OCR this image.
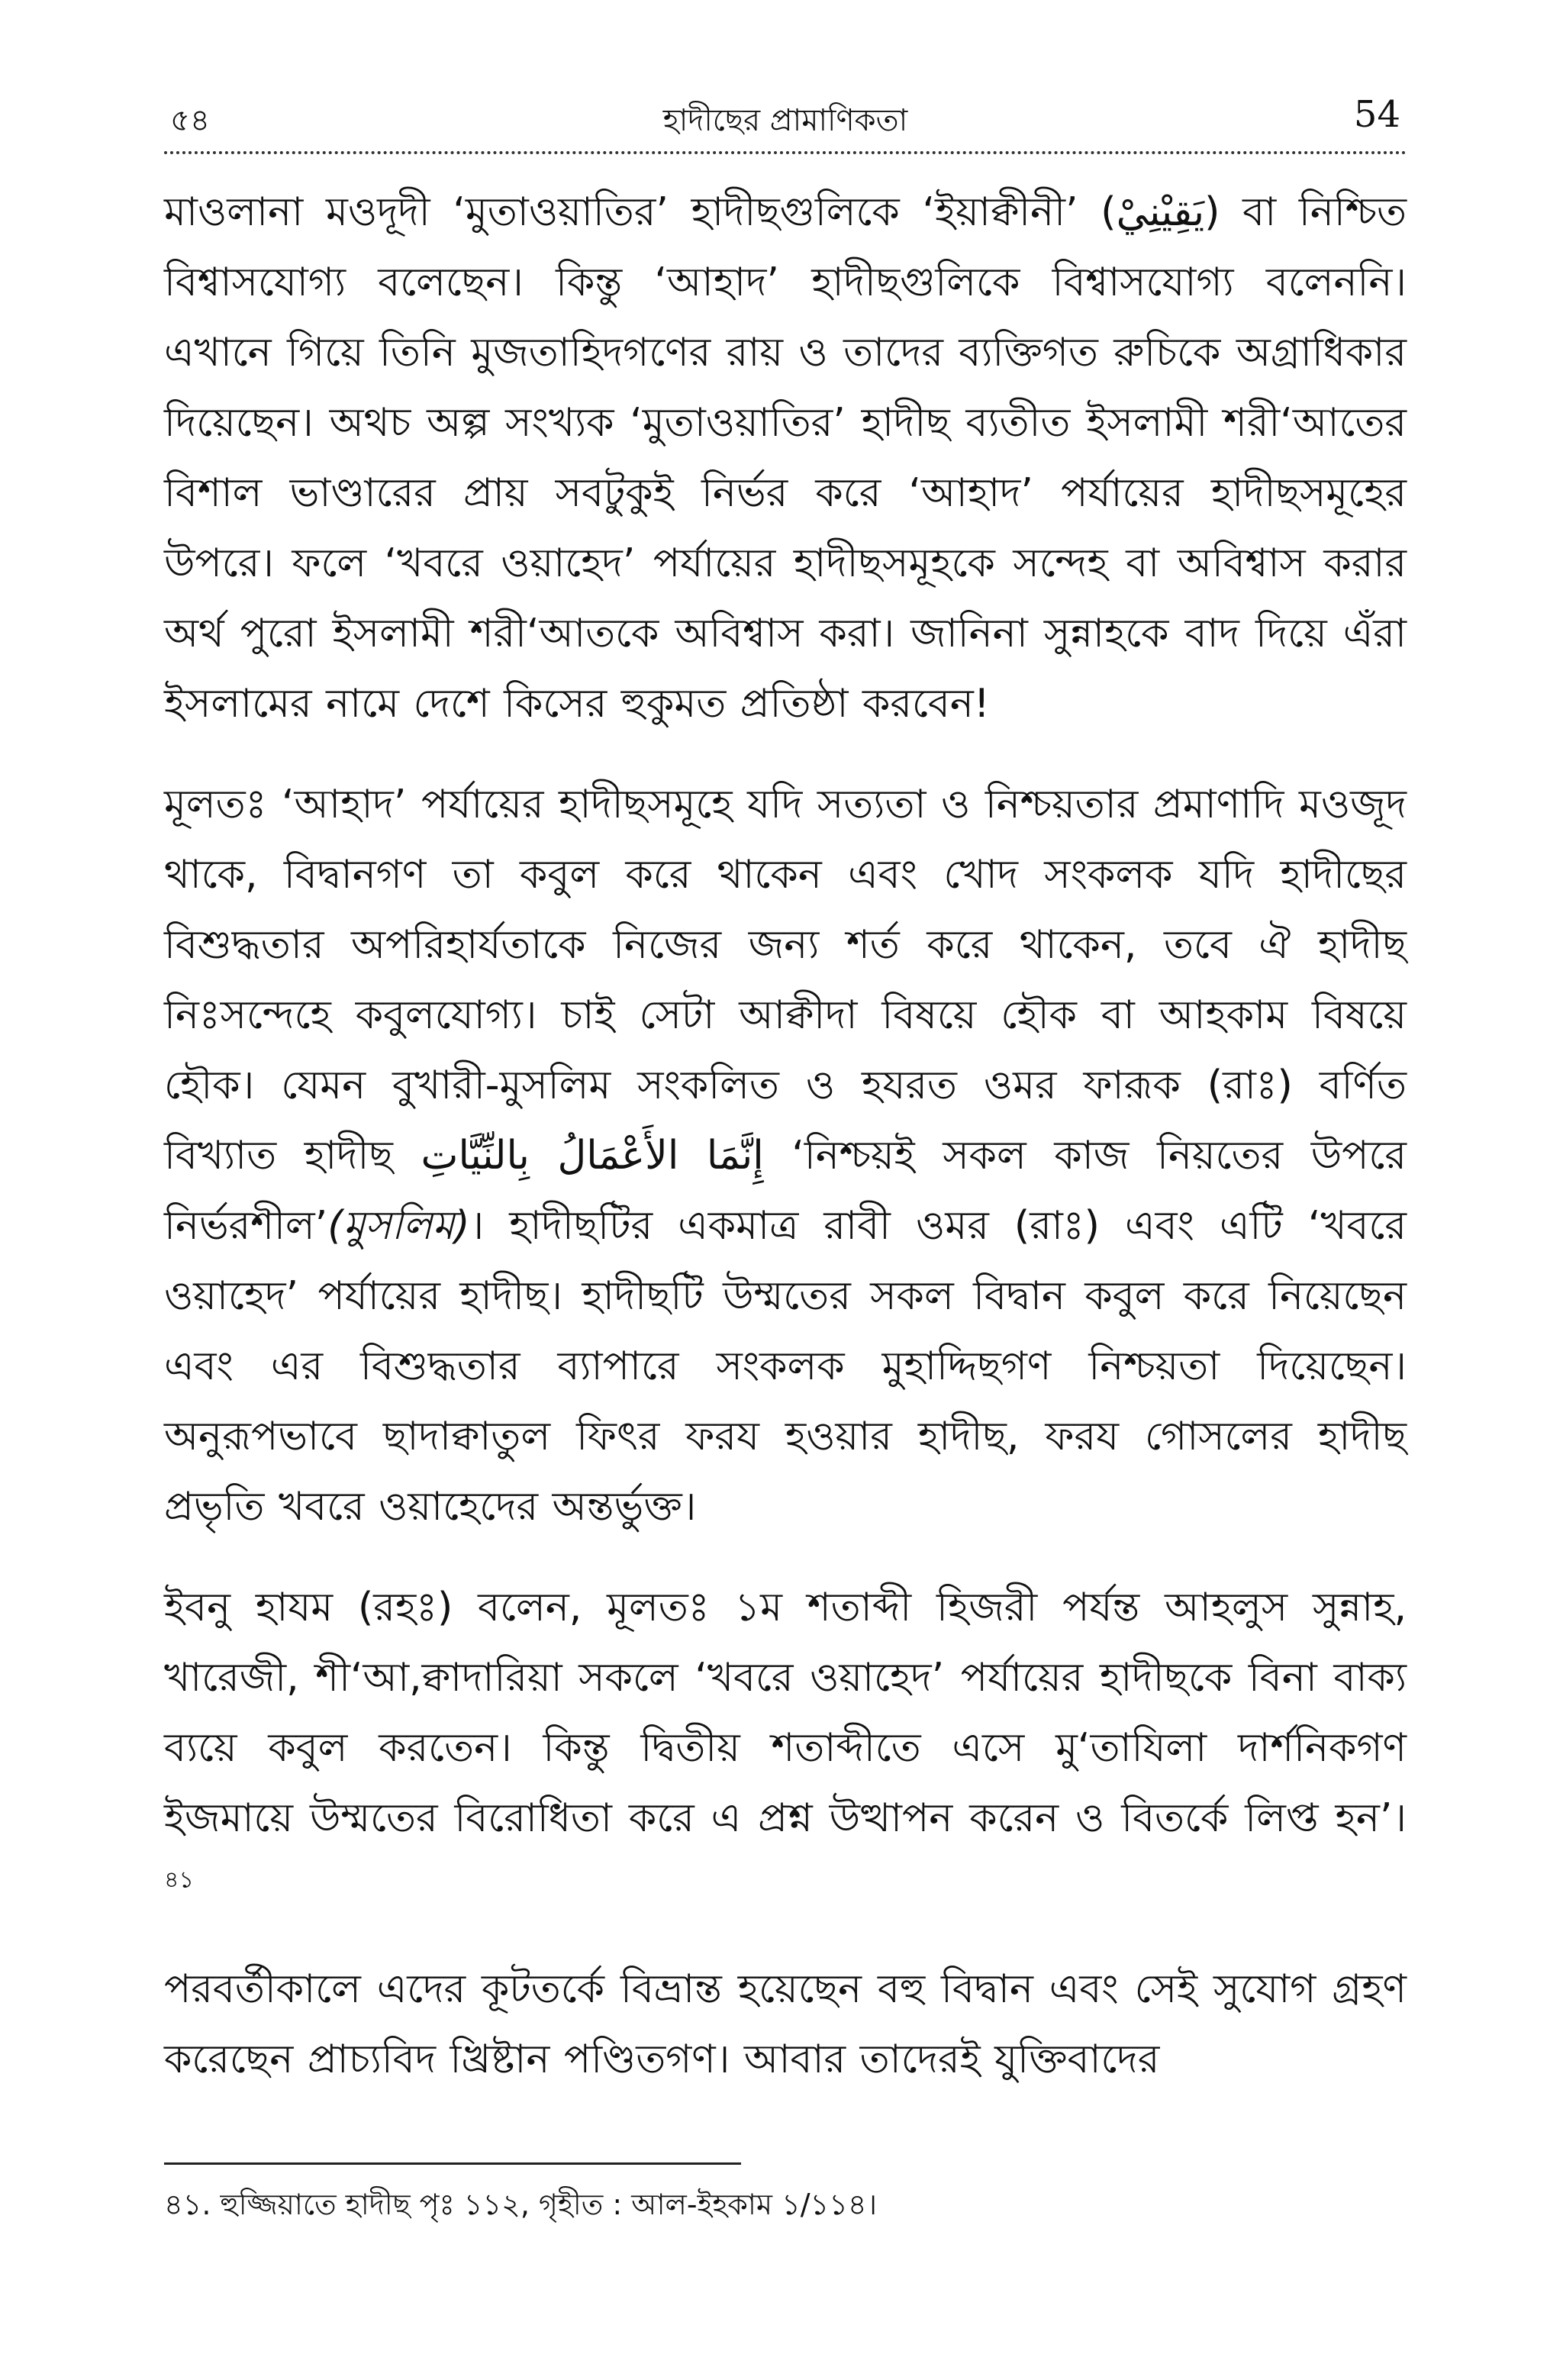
৫৪	হাদীছের প্রামাণিকতা	54

মাওলানা মওদূদী ‘মুতাওয়াতির’ হাদীছগুলিকে ‘ইয়াক্বীনী’ (يَقِيْنِيْ) বা নিশ্চিত বিশ্বাসযোগ্য বলেছেন। কিন্তু ‘আহাদ’ হাদীছগুলিকে বিশ্বাসযোগ্য বলেননি। এখানে গিয়ে তিনি মুজতাহিদগণের রায় ও তাদের ব্যক্তিগত রুচিকে অগ্রাধিকার দিয়েছেন। অথচ অল্প সংখ্যক ‘মুতাওয়াতির’ হাদীছ ব্যতীত ইসলামী শরী‘আতের বিশাল ভাণ্ডারের প্রায় সবটুকুই নির্ভর করে ‘আহাদ’ পর্যায়ের হাদীছসমূহের উপরে। ফলে ‘খবরে ওয়াহেদ’ পর্যায়ের হাদীছসমূহকে সন্দেহ বা অবিশ্বাস করার অর্থ পুরো ইসলামী শরী‘আতকে অবিশ্বাস করা। জানিনা সুন্নাহকে বাদ দিয়ে এঁরা ইসলামের নামে দেশে কিসের হুকুমত প্রতিষ্ঠা করবেন!

মূলতঃ ‘আহাদ’ পর্যায়ের হাদীছসমূহে যদি সত্যতা ও নিশ্চয়তার প্রমাণাদি মওজূদ থাকে, বিদ্বানগণ তা কবুল করে থাকেন এবং খোদ সংকলক যদি হাদীছের বিশুদ্ধতার অপরিহার্যতাকে নিজের জন্য শর্ত করে থাকেন, তবে ঐ হাদীছ নিঃসন্দেহে কবুলযোগ্য। চাই সেটা আক্বীদা বিষয়ে হৌক বা আহকাম বিষয়ে হৌক। যেমন বুখারী-মুসলিম সংকলিত ও হযরত ওমর ফারূক (রাঃ) বর্ণিত বিখ্যাত হাদীছ إِنَّمَا الأَعْمَالُ بِالنِّيَّاتِ ‘নিশ্চয়ই সকল কাজ নিয়তের উপরে নির্ভরশীল’(মুসলিম)। হাদীছটির একমাত্র রাবী ওমর (রাঃ) এবং এটি ‘খবরে ওয়াহেদ’ পর্যায়ের হাদীছ। হাদীছটি উম্মতের সকল বিদ্বান কবুল করে নিয়েছেন এবং এর বিশুদ্ধতার ব্যাপারে সংকলক মুহাদ্দিছগণ নিশ্চয়তা দিয়েছেন। অনুরূপভাবে ছাদাক্বাতুল ফিৎর ফরয হওয়ার হাদীছ, ফরয গোসলের হাদীছ প্রভৃতি খবরে ওয়াহেদের অন্তর্ভুক্ত।

ইবনু হাযম (রহঃ) বলেন, মূলতঃ ১ম শতাব্দী হিজরী পর্যন্ত আহলুস সুন্নাহ, খারেজী, শী‘আ,ক্বাদারিয়া সকলে ‘খবরে ওয়াহেদ’ পর্যায়ের হাদীছকে বিনা বাক্য ব্যয়ে কবুল করতেন। কিন্তু দ্বিতীয় শতাব্দীতে এসে মু‘তাযিলা দার্শনিকগণ ইজমায়ে উম্মতের বিরোধিতা করে এ প্রশ্ন উত্থাপন করেন ও বিতর্কে লিপ্ত হন’।$^{৪১}$

পরবর্তীকালে এদের কূটতর্কে বিভ্রান্ত হয়েছেন বহু বিদ্বান এবং সেই সুযোগ গ্রহণ করেছেন প্রাচ্যবিদ খ্রিষ্টান পণ্ডিতগণ। আবার তাদেরই যুক্তিবাদের

৪১. হুজ্জিয়াতে হাদীছ পৃঃ ১১২, গৃহীত : আল-ইহকাম ১/১১৪।
